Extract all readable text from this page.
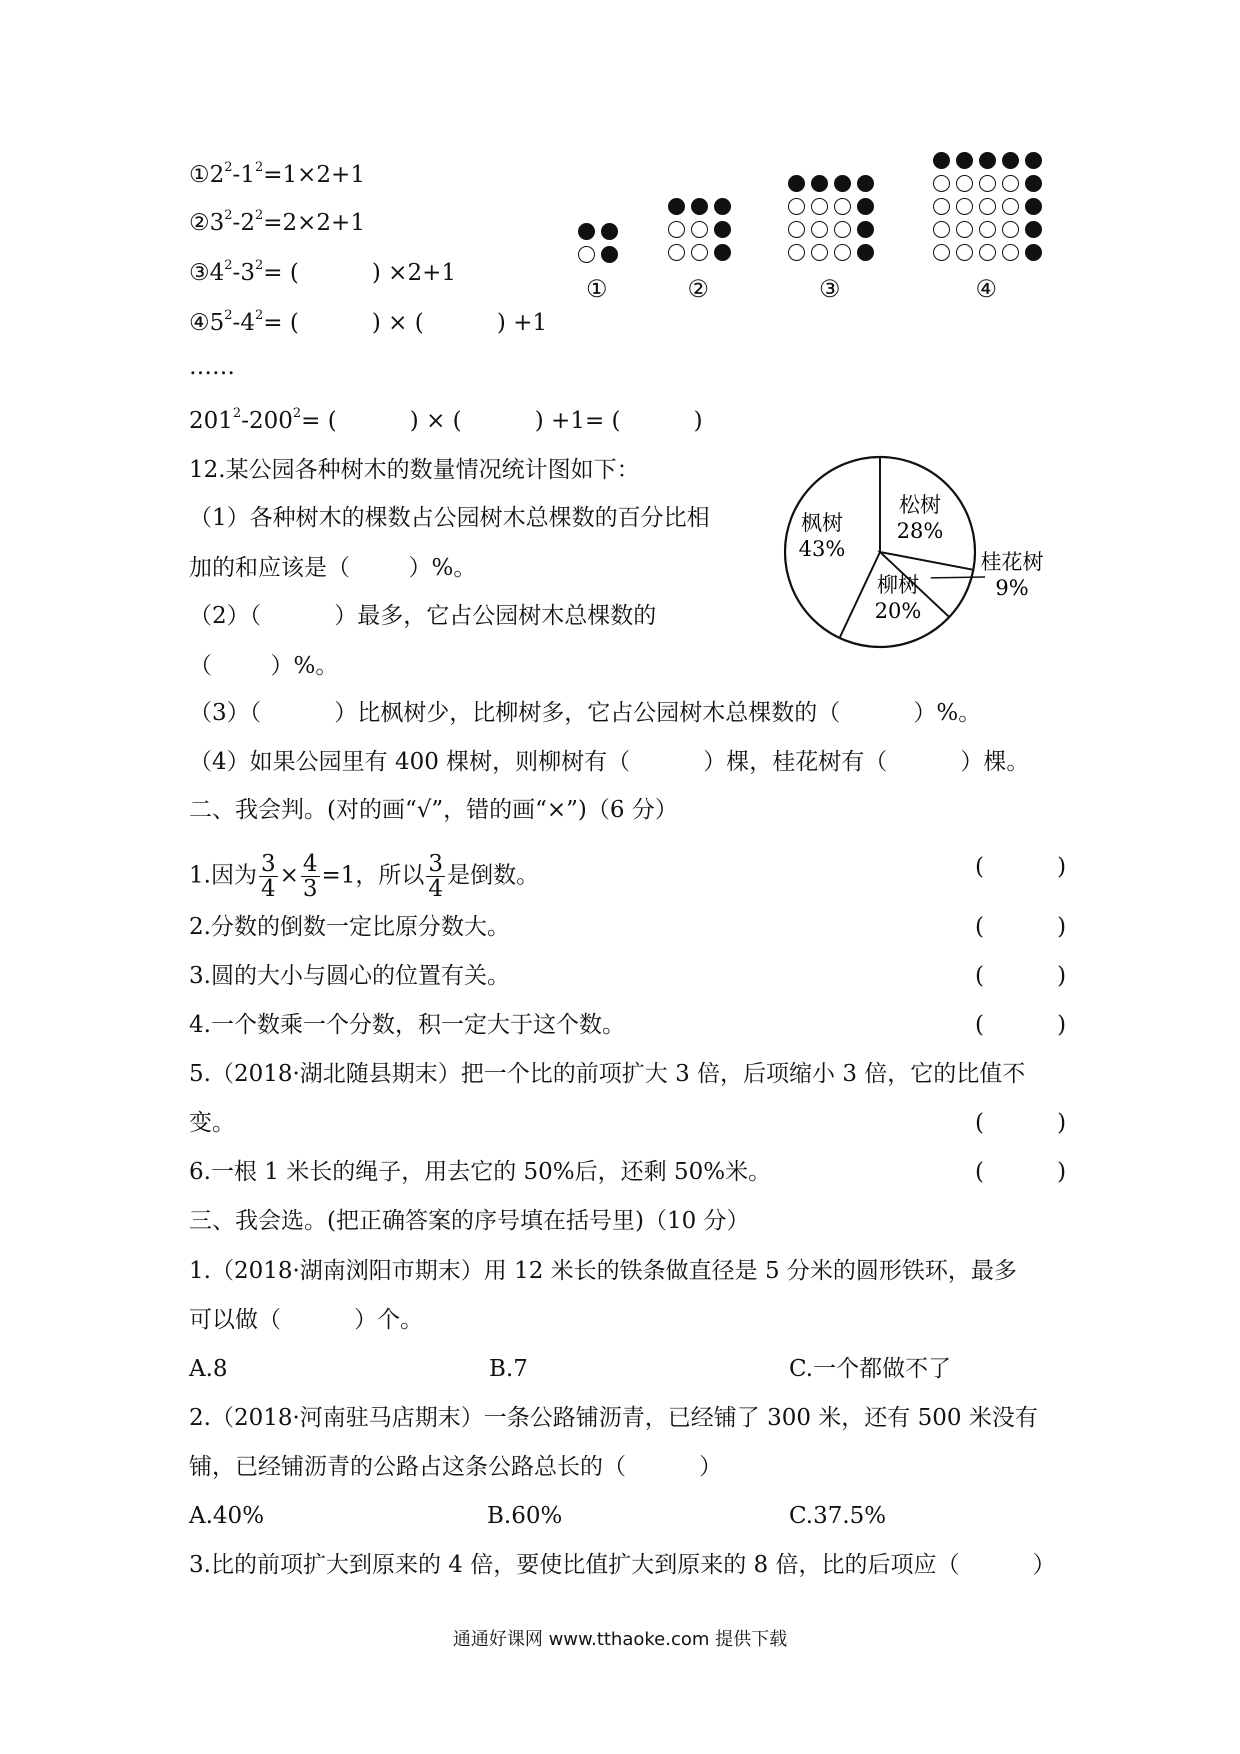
$①2^2-1^2=1\times 2+1$
$②3^2-2^2=2\times 2+1$
$③4^2-3^2=$ (          ) ×2+1
$④5^2-4^2=$ (          ) × (          ) +1
……
$201^2-200^2=$ (          ) × (          ) +1= (          )
①	②	③	④
12.某公园各种树木的数量情况统计图如下：
（1）各种树木的棵数占公园树木总棵数的百分比相
加的和应该是（        ）%。
（2）（          ）最多，它占公园树木总棵数的
（        ）%。
（3）（          ）比枫树少，比柳树多，它占公园树木总棵数的（          ）%。
（4）如果公园里有 400 棵树，则柳树有（          ）棵，桂花树有（          ）棵。
枫树
43%
松树
28%
桂花树
9%
柳树
20%
二、我会判。(对的画“√”，错的画“×”)（6 分）
1.因为 $\frac{3}{4} \times \frac{4}{3} =1$，所以 $\frac{3}{4}$ 是倒数。	(          )
2.分数的倒数一定比原分数大。	(          )
3.圆的大小与圆心的位置有关。	(          )
4.一个数乘一个分数，积一定大于这个数。	(          )
5.（2018·湖北随县期末）把一个比的前项扩大 3 倍，后项缩小 3 倍，它的比值不
变。	(          )
6.一根 1 米长的绳子，用去它的 50%后，还剩 50%米。	(          )
三、我会选。(把正确答案的序号填在括号里)（10 分）
1.（2018·湖南浏阳市期末）用 12 米长的铁条做直径是 5 分米的圆形铁环，最多
可以做（          ）个。
A.8	B.7	C.一个都做不了
2.（2018·河南驻马店期末）一条公路铺沥青，已经铺了 300 米，还有 500 米没有
铺，已经铺沥青的公路占这条公路总长的（          ）
A.40%	B.60%	C.37.5%
3.比的前项扩大到原来的 4 倍，要使比值扩大到原来的 8 倍，比的后项应（          ）
通通好课网 www.tthaoke.com 提供下载
